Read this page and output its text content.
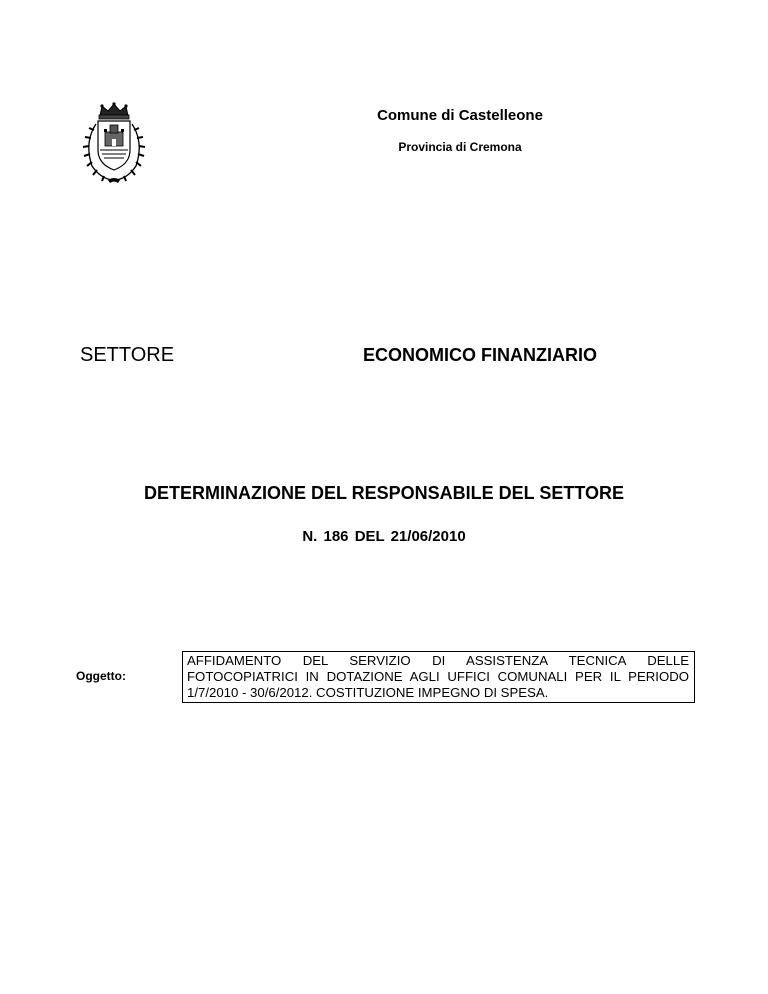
Comune di Castelleone
Provincia di Cremona
SETTORE	ECONOMICO FINANZIARIO
DETERMINAZIONE DEL RESPONSABILE DEL SETTORE
N. 186 DEL 21/06/2010
Oggetto:
AFFIDAMENTO DEL SERVIZIO DI ASSISTENZA TECNICA DELLE FOTOCOPIATRICI IN DOTAZIONE AGLI UFFICI COMUNALI PER IL PERIODO 1/7/2010 - 30/6/2012. COSTITUZIONE IMPEGNO DI SPESA.
